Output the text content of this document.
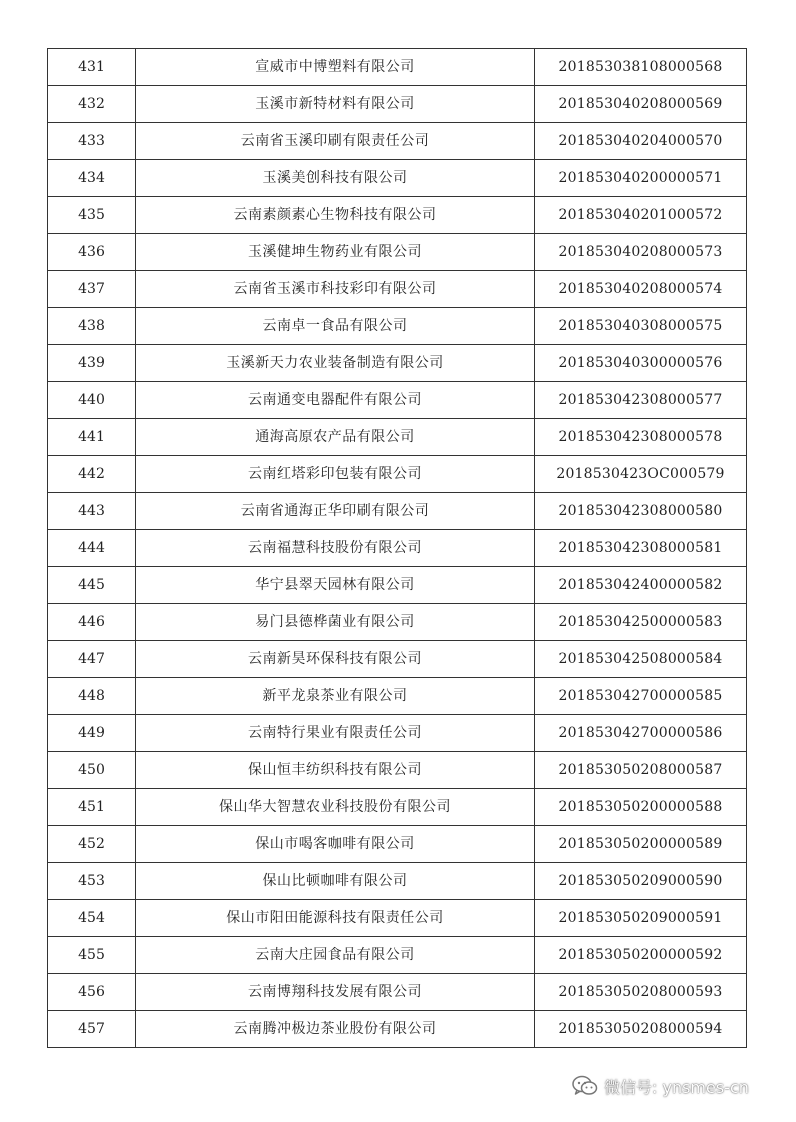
431	宣威市中博塑料有限公司	201853038108000568
432	玉溪市新特材料有限公司	201853040208000569
433	云南省玉溪印刷有限责任公司	201853040204000570
434	玉溪美创科技有限公司	201853040200000571
435	云南素颜素心生物科技有限公司	201853040201000572
436	玉溪健坤生物药业有限公司	201853040208000573
437	云南省玉溪市科技彩印有限公司	201853040208000574
438	云南卓一食品有限公司	201853040308000575
439	玉溪新天力农业装备制造有限公司	201853040300000576
440	云南通变电器配件有限公司	201853042308000577
441	通海高原农产品有限公司	201853042308000578
442	云南红塔彩印包装有限公司	2018530423OC000579
443	云南省通海正华印刷有限公司	201853042308000580
444	云南福慧科技股份有限公司	201853042308000581
445	华宁县翠天园林有限公司	201853042400000582
446	易门县德桦菌业有限公司	201853042500000583
447	云南新昊环保科技有限公司	201853042508000584
448	新平龙泉茶业有限公司	201853042700000585
449	云南特行果业有限责任公司	201853042700000586
450	保山恒丰纺织科技有限公司	201853050208000587
451	保山华大智慧农业科技股份有限公司	201853050200000588
452	保山市喝客咖啡有限公司	201853050200000589
453	保山比顿咖啡有限公司	201853050209000590
454	保山市阳田能源科技有限责任公司	201853050209000591
455	云南大庄园食品有限公司	201853050200000592
456	云南博翔科技发展有限公司	201853050208000593
457	云南腾冲极边茶业股份有限公司	201853050208000594
微信号: ynsmes-cn
